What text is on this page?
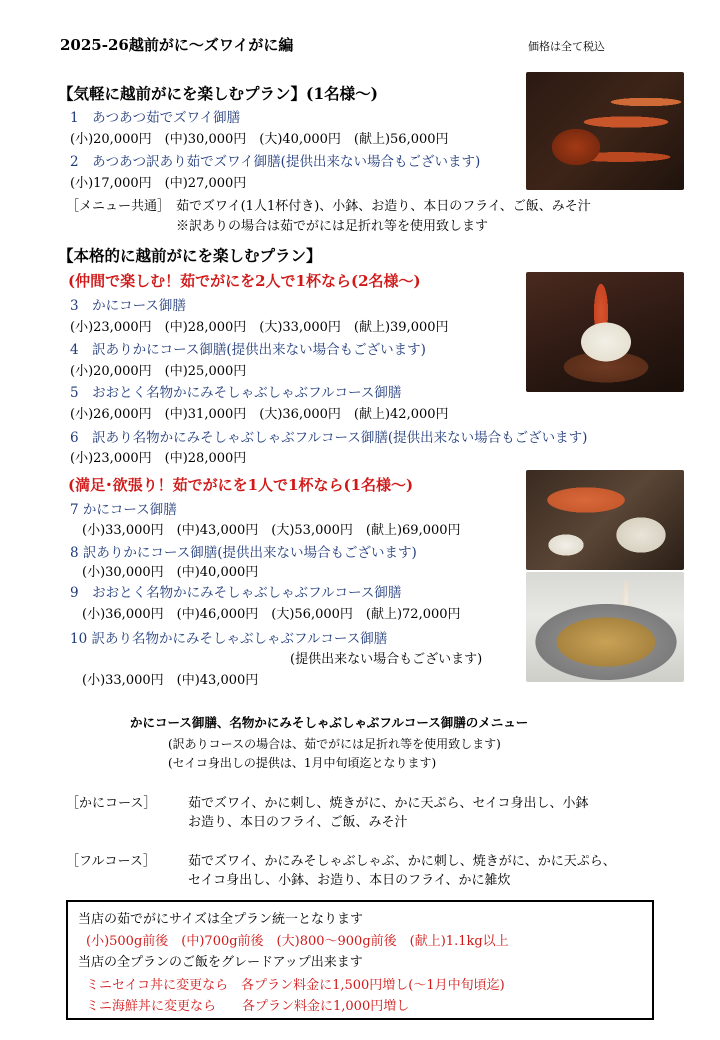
2025-26越前がに～ズワイがに編	価格は全て税込
【気軽に越前がにを楽しむプラン】(1名様～)
1　あつあつ茹でズワイ御膳
(小)20,000円　(中)30,000円　(大)40,000円　(献上)56,000円
2　あつあつ訳あり茹でズワイ御膳(提供出来ない場合もございます)
(小)17,000円　(中)27,000円
［メニュー共通］ 茹でズワイ(1人1杯付き)、小鉢、お造り、本日のフライ、ご飯、みそ汁
※訳ありの場合は茹でがには足折れ等を使用致します
【本格的に越前がにを楽しむプラン】
(仲間で楽しむ！茹でがにを2人で1杯なら(2名様～)
3　かにコース御膳
(小)23,000円　(中)28,000円　(大)33,000円　(献上)39,000円
4　訳ありかにコース御膳(提供出来ない場合もございます)
(小)20,000円　(中)25,000円
5　おおとく名物かにみそしゃぶしゃぶフルコース御膳
(小)26,000円　(中)31,000円　(大)36,000円　(献上)42,000円
6　訳あり名物かにみそしゃぶしゃぶフルコース御膳(提供出来ない場合もございます)
(小)23,000円　(中)28,000円
(満足･欲張り！茹でがにを1人で1杯なら(1名様～)
7 かにコース御膳
(小)33,000円　(中)43,000円　(大)53,000円　(献上)69,000円
8 訳ありかにコース御膳(提供出来ない場合もございます)
(小)30,000円　(中)40,000円
9　おおとく名物かにみそしゃぶしゃぶフルコース御膳
(小)36,000円　(中)46,000円　(大)56,000円　(献上)72,000円
10 訳あり名物かにみそしゃぶしゃぶフルコース御膳
(提供出来ない場合もございます)
(小)33,000円　(中)43,000円
かにコース御膳、名物かにみそしゃぶしゃぶフルコース御膳のメニュー
(訳ありコースの場合は、茹でがには足折れ等を使用致します)
(セイコ身出しの提供は、1月中旬頃迄となります)
［かにコース］ 茹でズワイ、かに刺し、焼きがに、かに天ぷら、セイコ身出し、小鉢
お造り、本日のフライ、ご飯、みそ汁
［フルコース］ 茹でズワイ、かにみそしゃぶしゃぶ、かに刺し、焼きがに、かに天ぷら、
セイコ身出し、小鉢、お造り、本日のフライ、かに雑炊
当店の茹でがにサイズは全プラン統一となります
(小)500g前後　(中)700g前後　(大)800～900g前後　(献上)1.1kg以上
当店の全プランのご飯をグレードアップ出来ます
ミニセイコ丼に変更なら　各プラン料金に1,500円増し(～1月中旬頃迄)
ミニ海鮮丼に変更なら　　各プラン料金に1,000円増し
